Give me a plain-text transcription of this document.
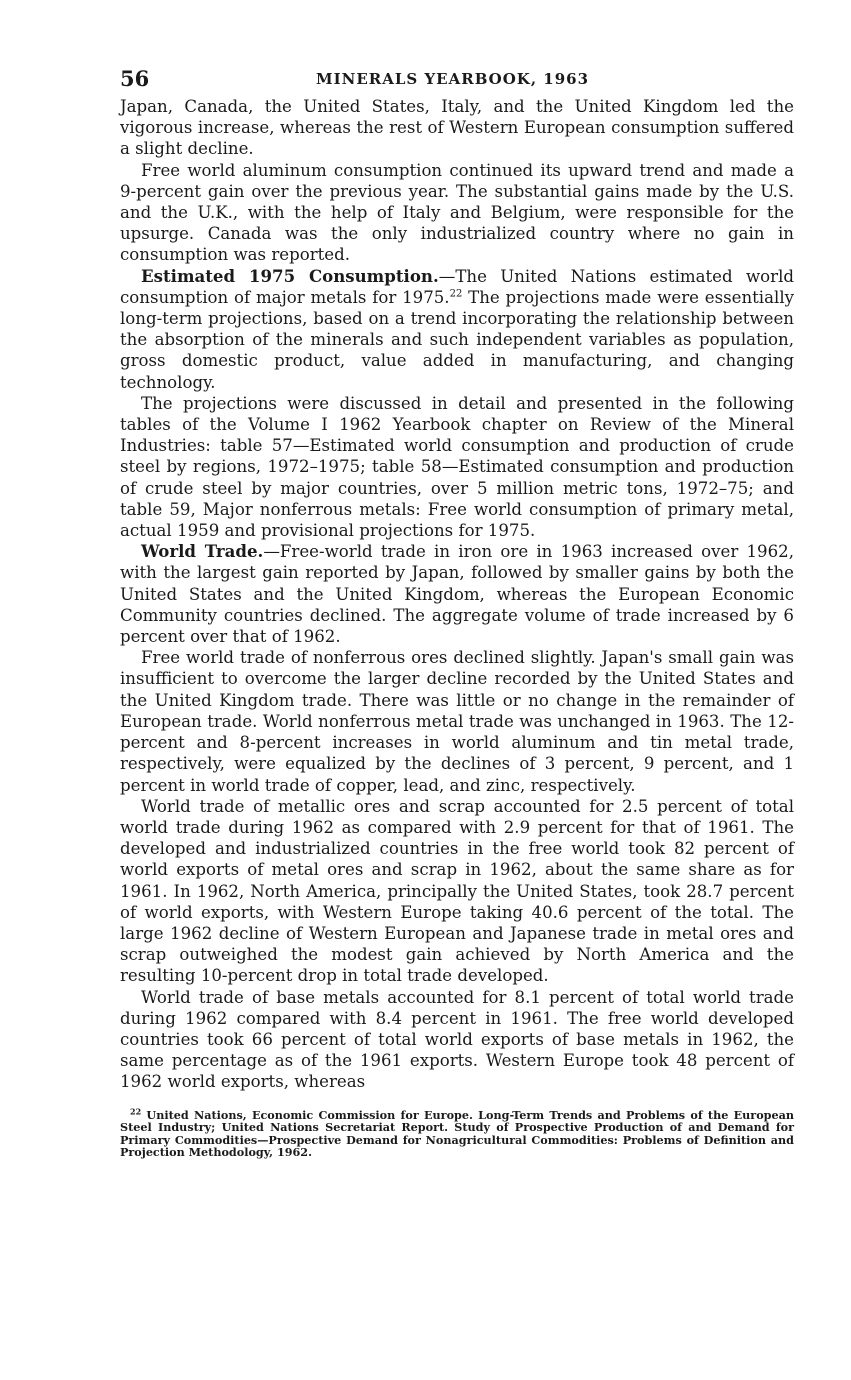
56	MINERALS YEARBOOK, 1963

Japan, Canada, the United States, Italy, and the United Kingdom led the vigorous increase, whereas the rest of Western European consumption suffered a slight decline.

Free world aluminum consumption continued its upward trend and made a 9-percent gain over the previous year. The substantial gains made by the U.S. and the U.K., with the help of Italy and Belgium, were responsible for the upsurge. Canada was the only industrialized country where no gain in consumption was reported.

Estimated 1975 Consumption.—The United Nations estimated world consumption of major metals for 1975.22 The projections made were essentially long-term projections, based on a trend incorporating the relationship between the absorption of the minerals and such independent variables as population, gross domestic product, value added in manufacturing, and changing technology.

The projections were discussed in detail and presented in the following tables of the Volume I 1962 Yearbook chapter on Review of the Mineral Industries: table 57—Estimated world consumption and production of crude steel by regions, 1972–1975; table 58—Estimated consumption and production of crude steel by major countries, over 5 million metric tons, 1972–75; and table 59, Major nonferrous metals: Free world consumption of primary metal, actual 1959 and provisional projections for 1975.

World Trade.—Free-world trade in iron ore in 1963 increased over 1962, with the largest gain reported by Japan, followed by smaller gains by both the United States and the United Kingdom, whereas the European Economic Community countries declined. The aggregate volume of trade increased by 6 percent over that of 1962.

Free world trade of nonferrous ores declined slightly. Japan's small gain was insufficient to overcome the larger decline recorded by the United States and the United Kingdom trade. There was little or no change in the remainder of European trade. World nonferrous metal trade was unchanged in 1963. The 12-percent and 8-percent increases in world aluminum and tin metal trade, respectively, were equalized by the declines of 3 percent, 9 percent, and 1 percent in world trade of copper, lead, and zinc, respectively.

World trade of metallic ores and scrap accounted for 2.5 percent of total world trade during 1962 as compared with 2.9 percent for that of 1961. The developed and industrialized countries in the free world took 82 percent of world exports of metal ores and scrap in 1962, about the same share as for 1961. In 1962, North America, principally the United States, took 28.7 percent of world exports, with Western Europe taking 40.6 percent of the total. The large 1962 decline of Western European and Japanese trade in metal ores and scrap outweighed the modest gain achieved by North America and the resulting 10-percent drop in total trade developed.

World trade of base metals accounted for 8.1 percent of total world trade during 1962 compared with 8.4 percent in 1961. The free world developed countries took 66 percent of total world exports of base metals in 1962, the same percentage as of the 1961 exports. Western Europe took 48 percent of 1962 world exports, whereas

$^{22}$ United Nations, Economic Commission for Europe. Long-Term Trends and Problems of the European Steel Industry; United Nations Secretariat Report. Study of Prospective Production of and Demand for Primary Commodities—Prospective Demand for Nonagricultural Commodities: Problems of Definition and Projection Methodology, 1962.
